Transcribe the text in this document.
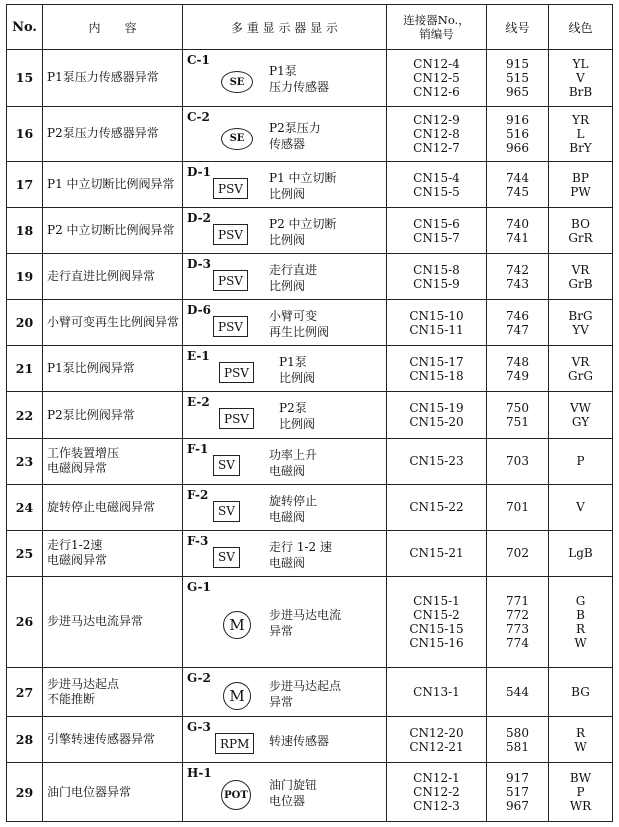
No.	内　　容	多 重 显 示 器 显 示	连接器No.，
销编号	线号	线色
15	P1泵压力传感器异常	C-1
SE
P1泵
压力传感器	CN12-4
CN12-5
CN12-6	915
515
965	YL
V
BrB

16	P2泵压力传感器异常	C-2
SE
P2泵压力
传感器	CN12-9
CN12-8
CN12-7	916
516
966	YR
L
BrY

17	P1 中立切断比例阀异常	D-1
PSV
P1 中立切断
比例阀	CN15-4
CN15-5	744
745	BP
PW

18	P2 中立切断比例阀异常	D-2
PSV
P2 中立切断
比例阀	CN15-6
CN15-7	740
741	BO
GrR

19	走行直进比例阀异常	D-3
PSV
走行直进
比例阀	CN15-8
CN15-9	742
743	VR
GrB

20	小臂可变再生比例阀异常	D-6
PSV
小臂可变
再生比例阀	CN15-10
CN15-11	746
747	BrG
YV

21	P1泵比例阀异常	E-1
PSV
P1泵
比例阀	CN15-17
CN15-18	748
749	VR
GrG

22	P2泵比例阀异常	E-2
PSV
P2泵
比例阀	CN15-19
CN15-20	750
751	VW
GY

23	工作装置增压
电磁阀异常	F-1
SV
功率上升
电磁阀	CN15-23	703	P

24	旋转停止电磁阀异常	F-2
SV
旋转停止
电磁阀	CN15-22	701	V

25	走行1-2速
电磁阀异常	F-3
SV
走行 1-2 速
电磁阀	CN15-21	702	LgB

26	步进马达电流异常	G-1
M
步进马达电流
异常	CN15-1
CN15-2
CN15-15
CN15-16	771
772
773
774	G
B
R
W

27	步进马达起点
不能推断	G-2
M
步进马达起点
异常	CN13-1	544	BG

28	引擎转速传感器异常	G-3
RPM 转速传感器	CN12-20
CN12-21	580
581	R
W

29	油门电位器异常	H-1
POT
油门旋钮
电位器	CN12-1
CN12-2
CN12-3	917
517
967	BW
P
WR
